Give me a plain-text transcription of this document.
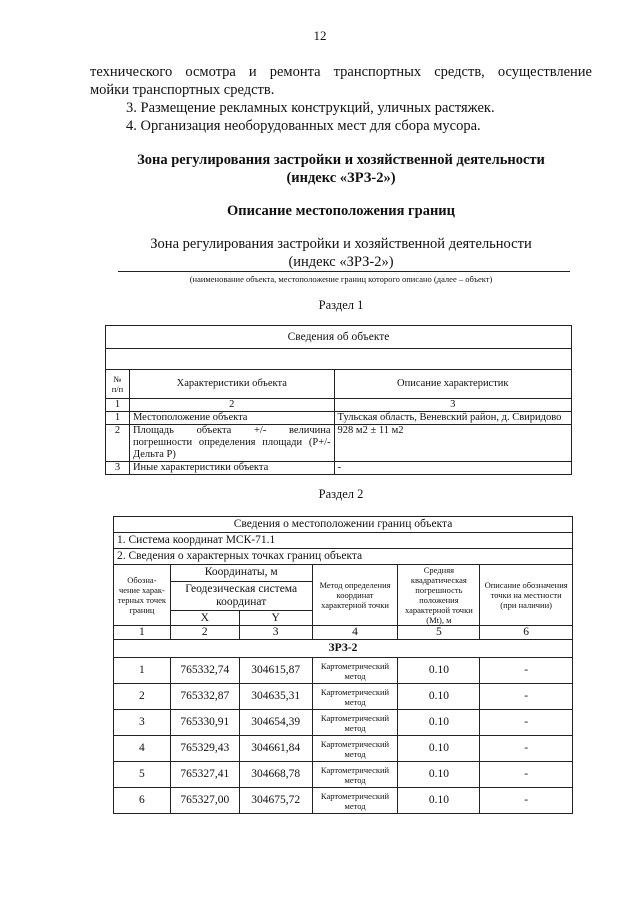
12
технического осмотра и ремонта транспортных средств, осуществление
мойки транспортных средств.
3. Размещение рекламных конструкций, уличных растяжек.
4. Организация необорудованных мест для сбора мусора.
Зона регулирования застройки и хозяйственной деятельности
(индекс «ЗРЗ-2»)
Описание местоположения границ
Зона регулирования застройки и хозяйственной деятельности
(индекс «ЗРЗ-2»)
(наименование объекта, местоположение границ которого описано (далее – объект)
Раздел 1
Сведения об объекте		

№ п/п	Характеристики объекта	Описание характеристик
1	2	3
1	Местоположение объекта	Тульская область, Веневский район, д. Свиридово
2	Площадь объекта +/- величина погрешности определения площади (Р+/- Дельта Р)	928 м2 ± 11 м2
3	Иные характеристики объекта	-
Раздел 2
Сведения о местоположении границ объекта					
1. Система координат МСК-71.1					
2. Сведения о характерных точках границ объекта					
Обозна-чение харак-терных точек границ	Координаты, м		Метод определения координат характерной точки	Средняя квадратическая погрешность положения характерной точки (Mt), м	Описание обозначения точки на местности (при наличии)
	Геодезическая система координат				
	X	Y			
1	2	3	4	5	6
ЗРЗ-2					
1	765332,74	304615,87	Картометрический метод	0.10	-
2	765332,87	304635,31	Картометрический метод	0.10	-
3	765330,91	304654,39	Картометрический метод	0.10	-
4	765329,43	304661,84	Картометрический метод	0.10	-
5	765327,41	304668,78	Картометрический метод	0.10	-
6	765327,00	304675,72	Картометрический метод	0.10	-
